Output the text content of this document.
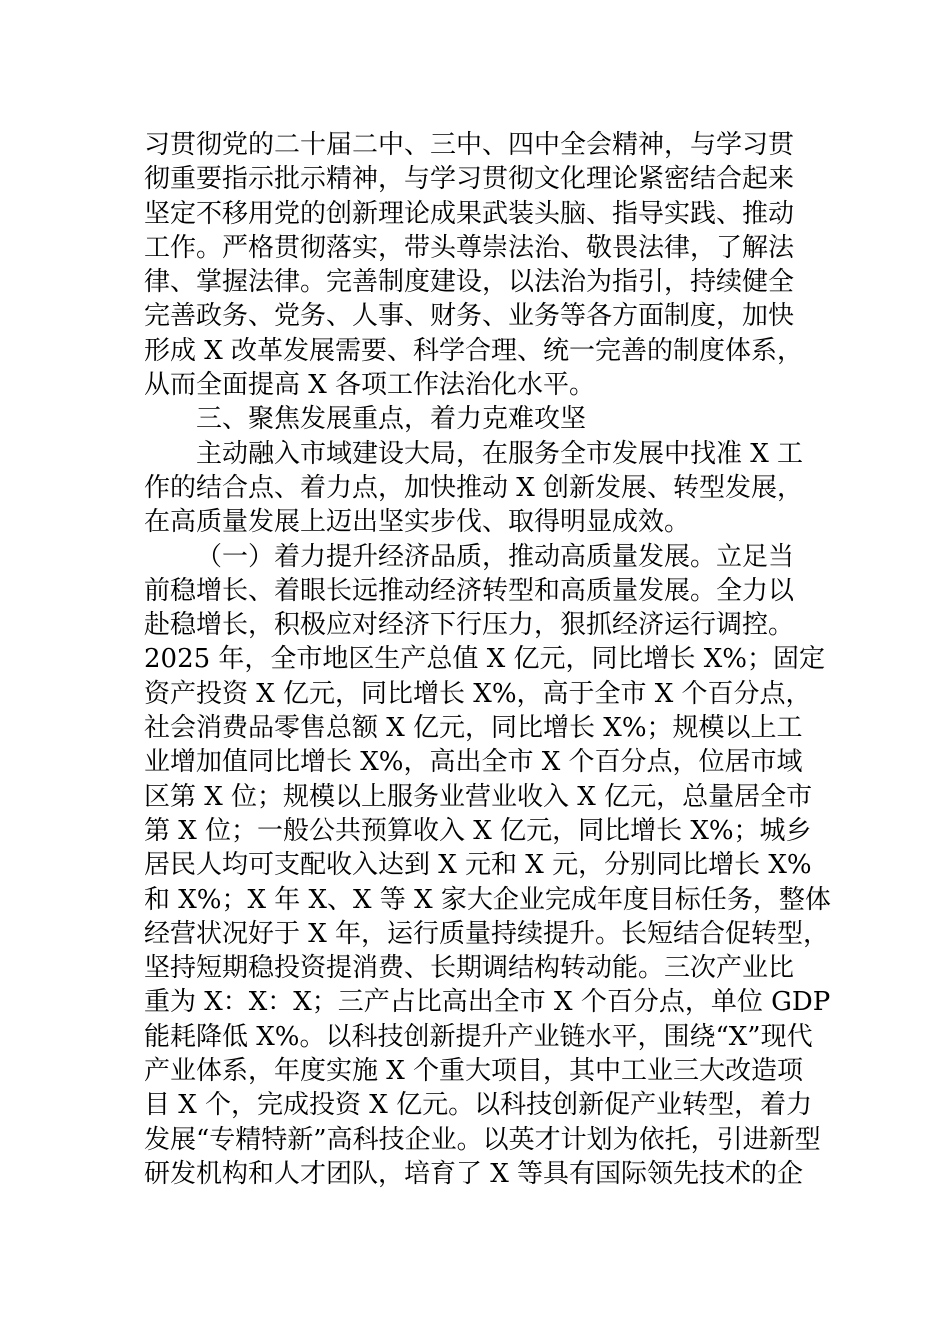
习贯彻党的二十届二中、三中、四中全会精神，与学习贯
彻重要指示批示精神，与学习贯彻文化理论紧密结合起来
坚定不移用党的创新理论成果武装头脑、指导实践、推动
工作。严格贯彻落实，带头尊崇法治、敬畏法律，了解法
律、掌握法律。完善制度建设，以法治为指引，持续健全
完善政务、党务、人事、财务、业务等各方面制度，加快
形成 X 改革发展需要、科学合理、统一完善的制度体系，
从而全面提高 X 各项工作法治化水平。

三、聚焦发展重点，着力克难攻坚

主动融入市域建设大局，在服务全市发展中找准 X 工
作的结合点、着力点，加快推动 X 创新发展、转型发展，
在高质量发展上迈出坚实步伐、取得明显成效。

（一）着力提升经济品质，推动高质量发展。立足当
前稳增长、着眼长远推动经济转型和高质量发展。全力以
赴稳增长，积极应对经济下行压力，狠抓经济运行调控。
2025 年，全市地区生产总值 X 亿元，同比增长 X%；固定
资产投资 X 亿元，同比增长 X%，高于全市 X 个百分点，
社会消费品零售总额 X 亿元，同比增长 X%；规模以上工
业增加值同比增长 X%，高出全市 X 个百分点，位居市域
区第 X 位；规模以上服务业营业收入 X 亿元，总量居全市
第 X 位；一般公共预算收入 X 亿元，同比增长 X%；城乡
居民人均可支配收入达到 X 元和 X 元，分别同比增长 X%
和 X%；X 年 X、X 等 X 家大企业完成年度目标任务，整体
经营状况好于 X 年，运行质量持续提升。长短结合促转型，
坚持短期稳投资提消费、长期调结构转动能。三次产业比
重为 X：X：X；三产占比高出全市 X 个百分点，单位 GDP
能耗降低 X%。以科技创新提升产业链水平，围绕“X”现代
产业体系，年度实施 X 个重大项目，其中工业三大改造项
目 X 个，完成投资 X 亿元。以科技创新促产业转型，着力
发展“专精特新”高科技企业。以英才计划为依托，引进新型
研发机构和人才团队，培育了 X 等具有国际领先技术的企
